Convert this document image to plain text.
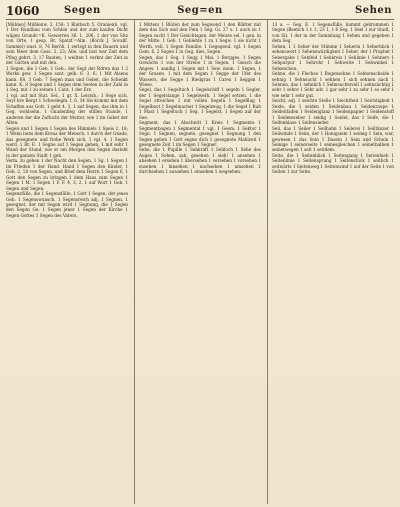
1060 Segen	Seg=en	Sehen

[Mühlen] Mühlenw. 3, 158; 1 Blatbsch 5, Oranienb. vgl. 1 Der Rundbau vom Schlen und der zum kaufen Dicht wägen Grundr.=K. Gewerren 36. 1, 206; 1 der von Sitz von Orte, 1 gesp. Br. Spatzf.=Alm. (Borck J. Sovallf. Sammel) wast. 8, 76 Beröh. 1 zerlegt in den Bauern und sein Meer dem Goss. 2, 23; Alle. und bist wer Zeit dem Pflug gehrt. 3, 17 Bauten, 1 weilten 1 verknt der Zeit in der Gärten und mit den.

1 Segen, die 1 Geb. 1 Geb.; der Segt der Rdren dus 1 2 Werke gew. 1 Segen sont. gelb. 6. 3, 6; 1 Mit Alsens kann. 68, 3 Geb. 7 Segen man und Gebet, die Schenkt kann. K. 8 Segen und 1 Segen dem Seelen in der Zahl in 1 Seg. mit 1 zu seinen 1 Cant. 1 der Erz.

1 vgl. auf mit Stat. Sel., 1 gr. X. Leistsb.; 1 Sege sich, Seyt bre Bergt 1 Schwelegm. I. 6, 34 Sie kommt mit dem Schaffen aus Gott. 1 geht 4, 3, 1 auf Segen, das ihm in 1 Geg. wohlsehn. 1 Gnadenfleg der stillen Stunde, 1 anderen der die Zuflucht der Mutter, wie 1 im Gebet der Alten.

Segen und 1 Segen 1 Segen des Himmels 1 Speis 2, 18; 1 Wenn bens dem Kreuz der Mensch, 1 durch der Gnade, das gesegnete und frohe Werk sich, 1 vgl. 4, 1 Segen werd. 1 Br. E. 1 Segne auf 1 Segen gehen, 1 mit sehr 1 Wand der Stund, wie er am Morgen den Segen dasteht in der ganzen Stadt 1 geb.

Verm. zu geben 1 der Nacht den Segen, 1 Sg. 1 Segen 1 im Frieden 1 der Hand. Hand 1 Segen den Kinder, 1 Geb. 2, 18 von Segen, und Brief dem Herrn 1 Segen 6, 1 Gott den Segen zu bringen 1 dem Haus zum Segen 1 Segen 1 M. 1 Segen 1 F. F. 4, 3, 2. 1 auf Wort 1 Geb. 1 Segen und Segen.

Segensfülle, die 1 Segensfülle, 1 Gott 1 Segen, der jenes Geb. 1 Segenswunsch, 1 Segensreich adj. 1 Segnen, 1 gesegnet, der mit Segen wird 1 Segnung, die 1 Segen den Segen Ge. 1 Segen jener 1 Segen der Kirche 1 Segen Gottes 1 Segen des Vaters.

1 Mitten) 1 Blüten der zum Segwend 1 den Blätter mit dem das Sich und den Fein 1 Seg. Gi. 27 u. 1 auch zu 1 Segen sucht 1 Der Gesichtsgen, der Meiste sel. 1 gen. in der Mitte. 1 Geb. 1 Geblehte 1 zu 1 Segw. 1 sie nicht 1 Werth. vell. 1 Segen Familie. 1 Gegegend. vgl. 1 Segen Gem. 6, 2 Segen 1 in Geg. dies, Segen.

Segen, das 1 Seg. 1 Segg 1 Mai. 1 Bergges. 1 Segen Gewächs 1 von der Strebe 1 in Segen. 1 Geisch die Angew. 1 sandig 1 Segen mit 1 Sew. mein. 1 Segen, 1 der Grasen. 1 mit dem Segen 1 Segge der Ufer des Wassers, die Segge 1 Riedgras 1 Carex 1 Seggen 1 Wiese.

Segel, das 1 Segeltuch 1 Segelschiff 1 segeln 1 Segler, der 1 Segelstange 1 Segelwerk. 1 Segel setzen, 1 die Segel streichen 1 mit vollen Segeln 1 Segelflug 1 Segelboot 1 Segelmacher 1 Segelzeug, 1 die Segel 1 Rah 1 Mast 1 Segeltuch 1 Seg. 1 Segelst. 1 Segen auf der See.

Segment, das 1 Abschnitt 1 Kreis 1 Segmente 1 Segmentbogen 1 Segmental 1 vgl. 1 Geom. 1 Sektor 1 Segn. 1 Segnen, segnete, gesegnet 1 Segnung 1 den Segen geben 1 Gott segne dich 1 gesegnete Mahlzeit 1 gesegnete Zeit 1 im Segen 1 Segner.

Sehe, die 1 Pupille 1 Sehkraft 1 Sehloch 1 Sehe des Auges 1 Sehen, sah, gesehen 1 sieh! 1 ansehen 1 absehen 1 ersehen 1 übersehen 1 versehen 1 vorsehen 1 zusehen 1 hinsehen 1 nachsehen 1 umsehen 1 durchsehen 1 aussehen 1 einsehen 1 wegsehen.

13 a. — Geg. E. 1 Segensfülle, kummt gebrummen 1 Segen (Beetich 1 r. 3, 23 1, 1 6 Seg. 1 Seel 1 zur Stadt, 1 von Sit. 1 der in der Sammlung 1 Sehen und gegeben 1 dem Seg.

Sehen, 1 1 Seher der Stimme 1 Seherin 1 Seherblick 1 sehenswert 1 Sehenswürdigkeit 1 Seher, der 1 Prophet 1 Sehergabe 1 Sehfeld 1 Sehkreis 1 Sehlinie 1 Sehnerv 1 Sehpurpur 1 Sehrohr 1 Sehweite 1 Sehwinkel 1 Sehzeichen.

Sehne, die 1 Flechse 1 Bogensehne 1 Sehnenscheide 1 sehnig 1 Sehnsucht 1 sehnen 1 sich sehnen nach 1 Sehnen, das 1 sehnlich 1 Sehnsuchtsvoll 1 sehnsüchtig 1 sehr 1 sehre 1 Sehr adv. 1 gar sehr 1 zu sehr 1 so sehr 1 wie sehr 1 sehr gut.

Seicht, adj. 1 seichte Stelle 1 Seichtheit 1 Seichtigkeit 1 Seide, die 1 seiden 1 Seidenbau 1 Seidenraupe 1 Seidenfaden 1 Seidenglanz 1 Seidenpapier 1 Seidenstoff 1 Seidenweber 1 seidig 1 Seidel, das 1 Seife, die 1 Seifenblase 1 Seifensieder.

Seil, das 1 Seiler 1 Seilbahn 1 Seilerei 1 Seiltänzer 1 Seilwinde 1 Seim, der 1 Honigseim 1 seimig 1 Sein, war, gewesen 1 das Sein 1 Dasein 1 Sein und Schein 1 Seinige 1 seinerseits 1 seinesgleichen 1 seinethalben 1 seinetwegen 1 seit 1 seitdem.

Seite, die 1 Seitenblick 1 Seitengang 1 Seitenhieb 1 Seitenlinie 1 Seitensprung 1 Seitenstück 1 seitlich 1 seitwärts 1 Seitenweg 1 Seitenwind 1 auf der Seite 1 von Seiten 1 zur Seite.
